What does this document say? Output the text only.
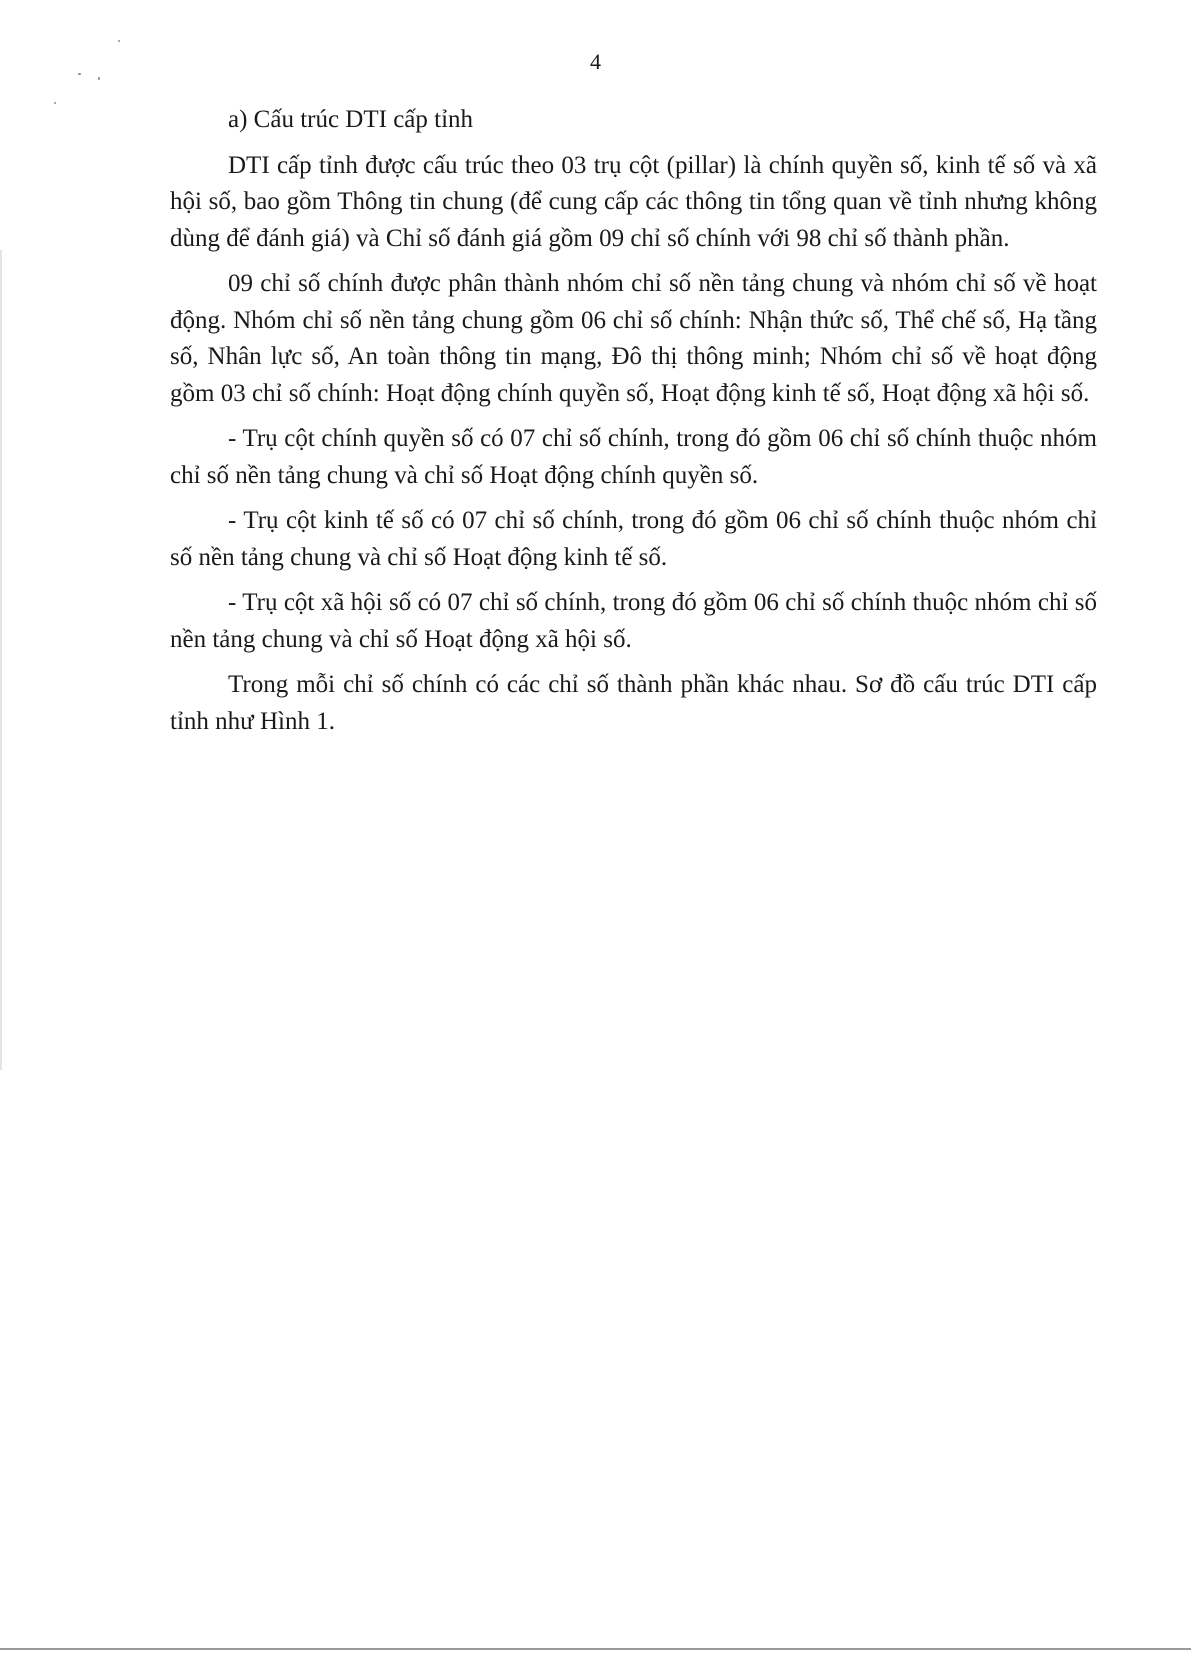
4

a) Cấu trúc DTI cấp tỉnh

DTI cấp tỉnh được cấu trúc theo 03 trụ cột (pillar) là chính quyền số, kinh tế số và xã hội số, bao gồm Thông tin chung (để cung cấp các thông tin tổng quan về tỉnh nhưng không dùng để đánh giá) và Chỉ số đánh giá gồm 09 chỉ số chính với 98 chỉ số thành phần.

09 chỉ số chính được phân thành nhóm chỉ số nền tảng chung và nhóm chỉ số về hoạt động. Nhóm chỉ số nền tảng chung gồm 06 chỉ số chính: Nhận thức số, Thể chế số, Hạ tầng số, Nhân lực số, An toàn thông tin mạng, Đô thị thông minh; Nhóm chỉ số về hoạt động gồm 03 chỉ số chính: Hoạt động chính quyền số, Hoạt động kinh tế số, Hoạt động xã hội số.

- Trụ cột chính quyền số có 07 chỉ số chính, trong đó gồm 06 chỉ số chính thuộc nhóm chỉ số nền tảng chung và chỉ số Hoạt động chính quyền số.

- Trụ cột kinh tế số có 07 chỉ số chính, trong đó gồm 06 chỉ số chính thuộc nhóm chỉ số nền tảng chung và chỉ số Hoạt động kinh tế số.

- Trụ cột xã hội số có 07 chỉ số chính, trong đó gồm 06 chỉ số chính thuộc nhóm chỉ số nền tảng chung và chỉ số Hoạt động xã hội số.

Trong mỗi chỉ số chính có các chỉ số thành phần khác nhau. Sơ đồ cấu trúc DTI cấp tỉnh như Hình 1.
